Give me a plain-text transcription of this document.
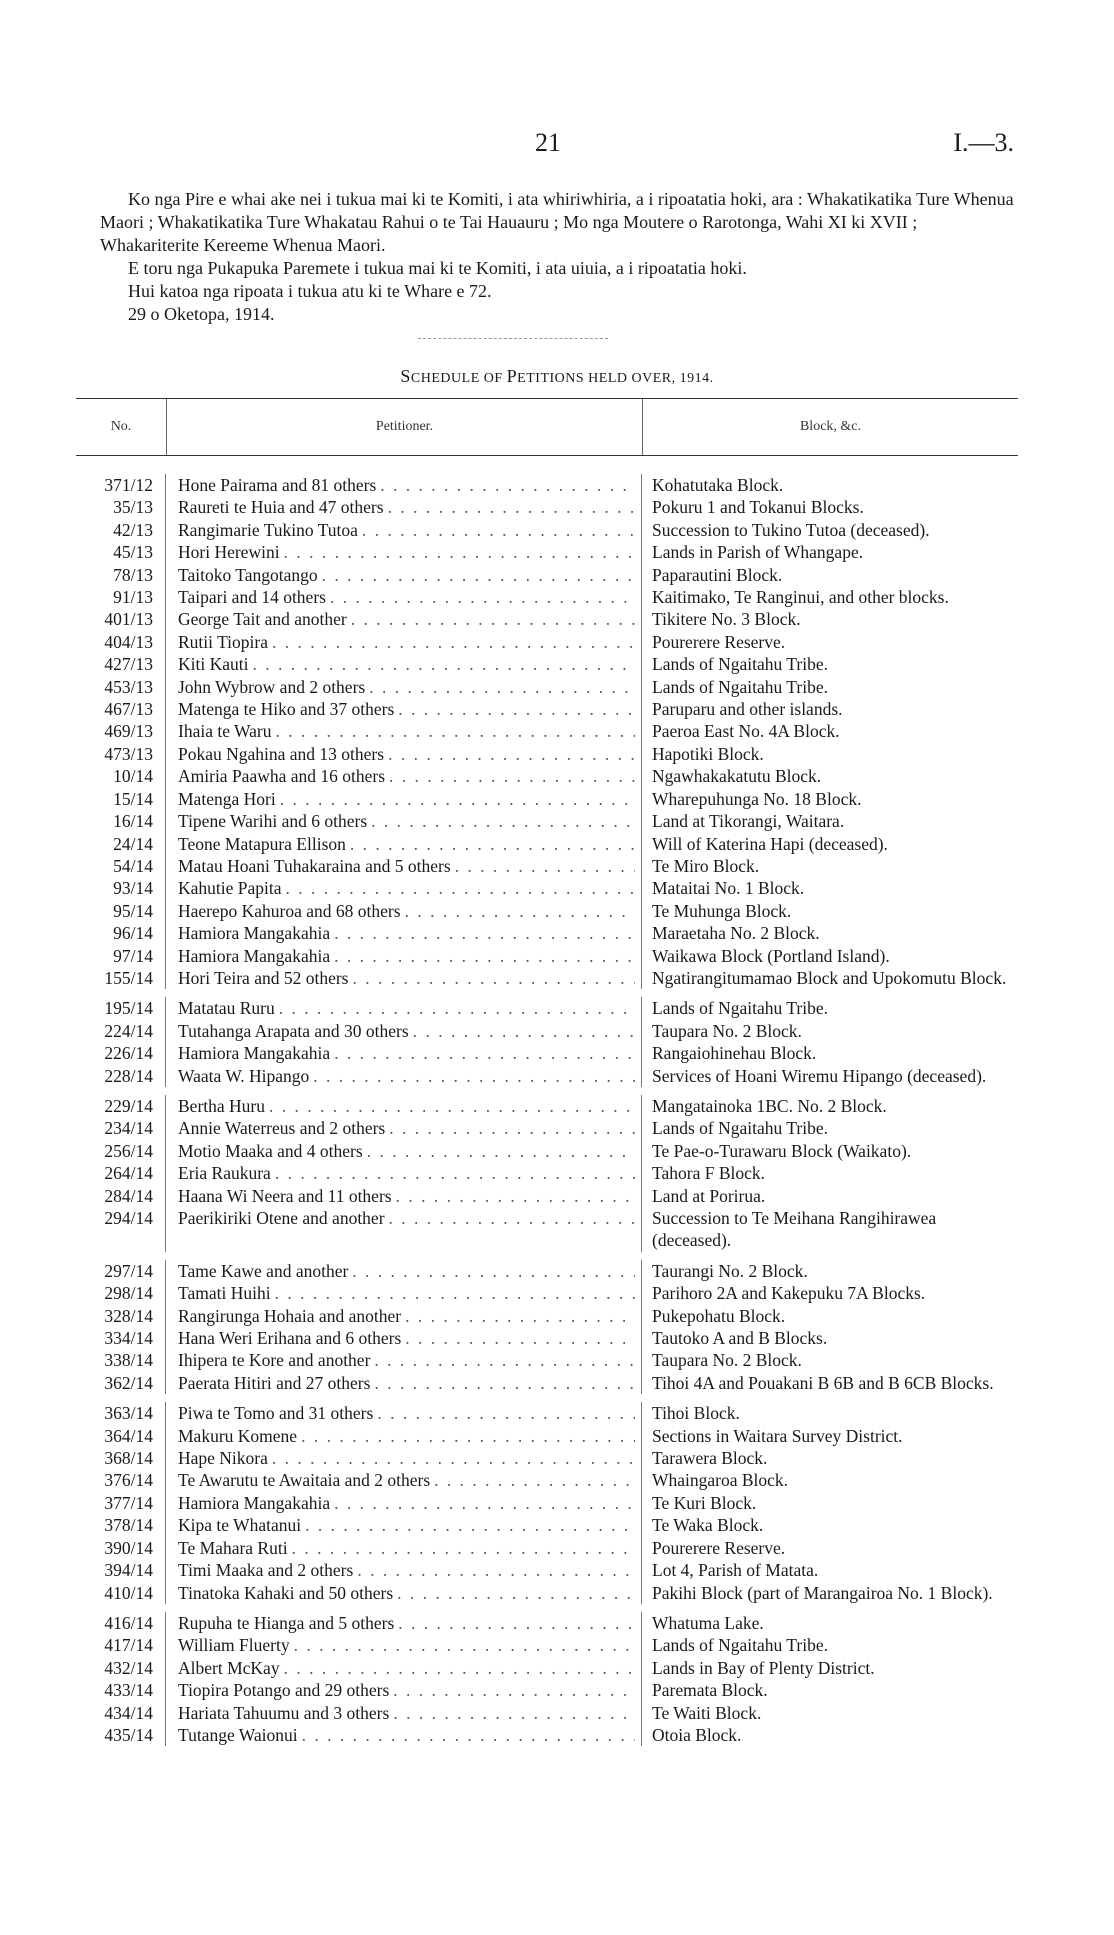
21	I.—3.

Ko nga Pire e whai ake nei i tukua mai ki te Komiti, i ata whiriwhiria, a i ripoatatia hoki, ara : Whakatikatika Ture Whenua Maori ; Whakatikatika Ture Whakatau Rahui o te Tai Hauauru ; Mo nga Moutere o Rarotonga, Wahi XI ki XVII ; Whakariterite Kereeme Whenua Maori.

E toru nga Pukapuka Paremete i tukua mai ki te Komiti, i ata uiuia, a i ripoatatia hoki.

Hui katoa nga ripoata i tukua atu ki te Whare e 72.

29 o Oketopa, 1914.

SCHEDULE OF PETITIONS HELD OVER, 1914.
No.	Petitioner.	Block, &c.
371/12	Hone Pairama and 81 others . . .	Kohatutaka Block.
35/13	Raureti te Huia and 47 others . . .	Pokuru 1 and Tokanui Blocks.
42/13	Rangimarie Tukino Tutoa . . .	Succession to Tukino Tutoa (deceased).
45/13	Hori Herewini . . .	Lands in Parish of Whangape.
78/13	Taitoko Tangotango . . .	Paparautini Block.
91/13	Taipari and 14 others . . .	Kaitimako, Te Ranginui, and other blocks.
401/13	George Tait and another . . .	Tikitere No. 3 Block.
404/13	Rutii Tiopira . . .	Pourerere Reserve.
427/13	Kiti Kauti . . .	Lands of Ngaitahu Tribe.
453/13	John Wybrow and 2 others . . .	Lands of Ngaitahu Tribe.
467/13	Matenga te Hiko and 37 others . . .	Paruparu and other islands.
469/13	Ihaia te Waru . . .	Paeroa East No. 4A Block.
473/13	Pokau Ngahina and 13 others . . .	Hapotiki Block.
10/14	Amiria Paawha and 16 others . . .	Ngawhakakatutu Block.
15/14	Matenga Hori . . .	Wharepuhunga No. 18 Block.
16/14	Tipene Warihi and 6 others . . .	Land at Tikorangi, Waitara.
24/14	Teone Matapura Ellison . . .	Will of Katerina Hapi (deceased).
54/14	Matau Hoani Tuhakaraina and 5 others . . .	Te Miro Block.
93/14	Kahutie Papita . . .	Mataitai No. 1 Block.
95/14	Haerepo Kahuroa and 68 others . . .	Te Muhunga Block.
96/14	Hamiora Mangakahia . . .	Maraetaha No. 2 Block.
97/14	Hamiora Mangakahia . . .	Waikawa Block (Portland Island).
155/14	Hori Teira and 52 others . . .	Ngatirangitumamao Block and Upokomutu Block.
195/14	Matatau Ruru . . .	Lands of Ngaitahu Tribe.
224/14	Tutahanga Arapata and 30 others . . .	Taupara No. 2 Block.
226/14	Hamiora Mangakahia . . .	Rangaiohinehau Block.
228/14	Waata W. Hipango . . .	Services of Hoani Wiremu Hipango (deceased).
229/14	Bertha Huru . . .	Mangatainoka 1BC. No. 2 Block.
234/14	Annie Waterreus and 2 others . . .	Lands of Ngaitahu Tribe.
256/14	Motio Maaka and 4 others . . .	Te Pae-o-Turawaru Block (Waikato).
264/14	Eria Raukura . . .	Tahora F Block.
284/14	Haana Wi Neera and 11 others . . .	Land at Porirua.
294/14	Paerikiriki Otene and another . . .	Succession to Te Meihana Rangihirawea (deceased).
297/14	Tame Kawe and another . . .	Taurangi No. 2 Block.
298/14	Tamati Huihi . . .	Parihoro 2A and Kakepuku 7A Blocks.
328/14	Rangirunga Hohaia and another . . .	Pukepohatu Block.
334/14	Hana Weri Erihana and 6 others . . .	Tautoko A and B Blocks.
338/14	Ihipera te Kore and another . . .	Taupara No. 2 Block.
362/14	Paerata Hitiri and 27 others . . .	Tihoi 4A and Pouakani B 6B and B 6CB Blocks.
363/14	Piwa te Tomo and 31 others . . .	Tihoi Block.
364/14	Makuru Komene . . .	Sections in Waitara Survey District.
368/14	Hape Nikora . . .	Tarawera Block.
376/14	Te Awarutu te Awaitaia and 2 others . . .	Whaingaroa Block.
377/14	Hamiora Mangakahia . . .	Te Kuri Block.
378/14	Kipa te Whatanui . . .	Te Waka Block.
390/14	Te Mahara Ruti . . .	Pourerere Reserve.
394/14	Timi Maaka and 2 others . . .	Lot 4, Parish of Matata.
410/14	Tinatoka Kahaki and 50 others . . .	Pakihi Block (part of Marangairoa No. 1 Block).
416/14	Rupuha te Hianga and 5 others . . .	Whatuma Lake.
417/14	William Fluerty . . .	Lands of Ngaitahu Tribe.
432/14	Albert McKay . . .	Lands in Bay of Plenty District.
433/14	Tiopira Potango and 29 others . . .	Paremata Block.
434/14	Hariata Tahuumu and 3 others . . .	Te Waiti Block.
435/14	Tutange Waionui . . .	Otoia Block.
